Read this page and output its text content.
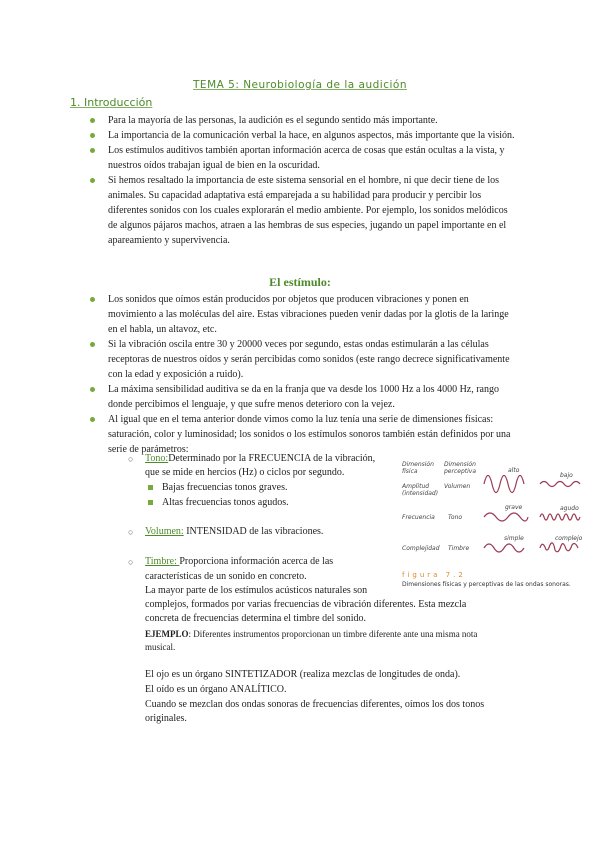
TEMA 5: Neurobiología de la audición
1. Introducción

Para la mayoría de las personas, la audición es el segundo sentido más importante.

La importancia de la comunicación verbal la hace, en algunos aspectos, más importante que la visión.

Los estímulos auditivos también aportan información acerca de cosas que están ocultas a la vista, y nuestros oídos trabajan igual de bien en la oscuridad.

Si hemos resaltado la importancia de este sistema sensorial en el hombre, ni que decir tiene de los animales. Su capacidad adaptativa está emparejada a su habilidad para producir y percibir los diferentes sonidos con los cuales explorarán el medio ambiente. Por ejemplo, los sonidos melódicos de algunos pájaros machos, atraen a las hembras de sus especies, jugando un papel importante en el apareamiento y supervivencia.

El estímulo:

Los sonidos que oímos están producidos por objetos que producen vibraciones y ponen en movimiento a las moléculas del aire. Estas vibraciones pueden venir dadas por la glotis de la laringe en el habla, un altavoz, etc.

Si la vibración oscila entre 30 y 20000 veces por segundo, estas ondas estimularán a las células receptoras de nuestros oídos y serán percibidas como sonidos (este rango decrece significativamente con la edad y exposición a ruido).

La máxima sensibilidad auditiva se da en la franja que va desde los 1000 Hz a los 4000 Hz, rango donde percibimos el lenguaje, y que sufre menos deterioro con la vejez.

Al igual que en el tema anterior donde vimos como la luz tenía una serie de dimensiones físicas: saturación, color y luminosidad; los sonidos o los estímulos sonoros también están definidos por una serie de parámetros:

○ Tono:Determinado por la FRECUENCIA de la vibración,
que se mide en hercios (Hz) o ciclos por segundo.
Bajas frecuencias tonos graves.
Altas frecuencias tonos agudos.
○ Volumen: INTENSIDAD de las vibraciones.
○ Timbre: Proporciona información acerca de las
características de un sonido en concreto.
La mayor parte de los estímulos acústicos naturales son
complejos, formados por varias frecuencias de vibración diferentes. Esta mezcla
concreta de frecuencias determina el timbre del sonido.
EJEMPLO: Diferentes instrumentos proporcionan un timbre diferente ante una misma nota musical.
El ojo es un órgano SINTETIZADOR (realiza mezclas de longitudes de onda).
El oído es un órgano ANALÍTICO.
Cuando se mezclan dos ondas sonoras de frecuencias diferentes, oímos los dos tonos originales.
Dimensión física
Dimensión perceptiva
Amplitud (intensidad)
Volumen
alto
bajo
Frecuencia Tono
grave	agudo
Complejidad Timbre
simple	complejo
figura 7.2
Dimensiones físicas y perceptivas de las ondas sonoras.
